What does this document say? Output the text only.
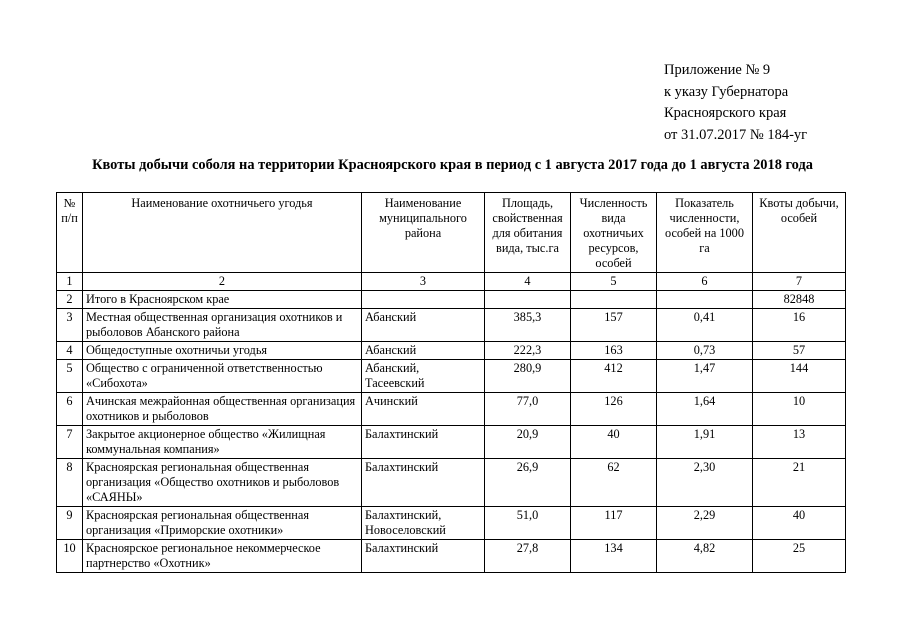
Приложение № 9
к указу Губернатора
Красноярского края
от 31.07.2017 № 184-уг
Квоты добычи соболя на территории Красноярского края в период с 1 августа 2017 года до 1 августа 2018 года
№ п/п	Наименование охотничьего угодья	Наименование муниципального района	Площадь, свойственная для обитания вида, тыс.га	Численность вида охотничьих ресурсов, особей	Показатель численности, особей на 1000 га	Квоты добычи, особей
1	2	3	4	5	6	7
2	Итого в Красноярском крае					82848
3	Местная общественная организация охотников и рыболовов Абанского района	Абанский	385,3	157	0,41	16
4	Общедоступные охотничьи угодья	Абанский	222,3	163	0,73	57
5	Общество с ограниченной ответственностью «Сибохота»	Абанский, Тасеевский	280,9	412	1,47	144
6	Ачинская межрайонная общественная организация охотников и рыболовов	Ачинский	77,0	126	1,64	10
7	Закрытое акционерное общество «Жилищная коммунальная компания»	Балахтинский	20,9	40	1,91	13
8	Красноярская региональная общественная организация «Общество охотников и рыболовов «САЯНЫ»	Балахтинский	26,9	62	2,30	21
9	Красноярская региональная общественная организация «Приморские охотники»	Балахтинский, Новоселовский	51,0	117	2,29	40
10	Красноярское региональное некоммерческое партнерство «Охотник»	Балахтинский	27,8	134	4,82	25
